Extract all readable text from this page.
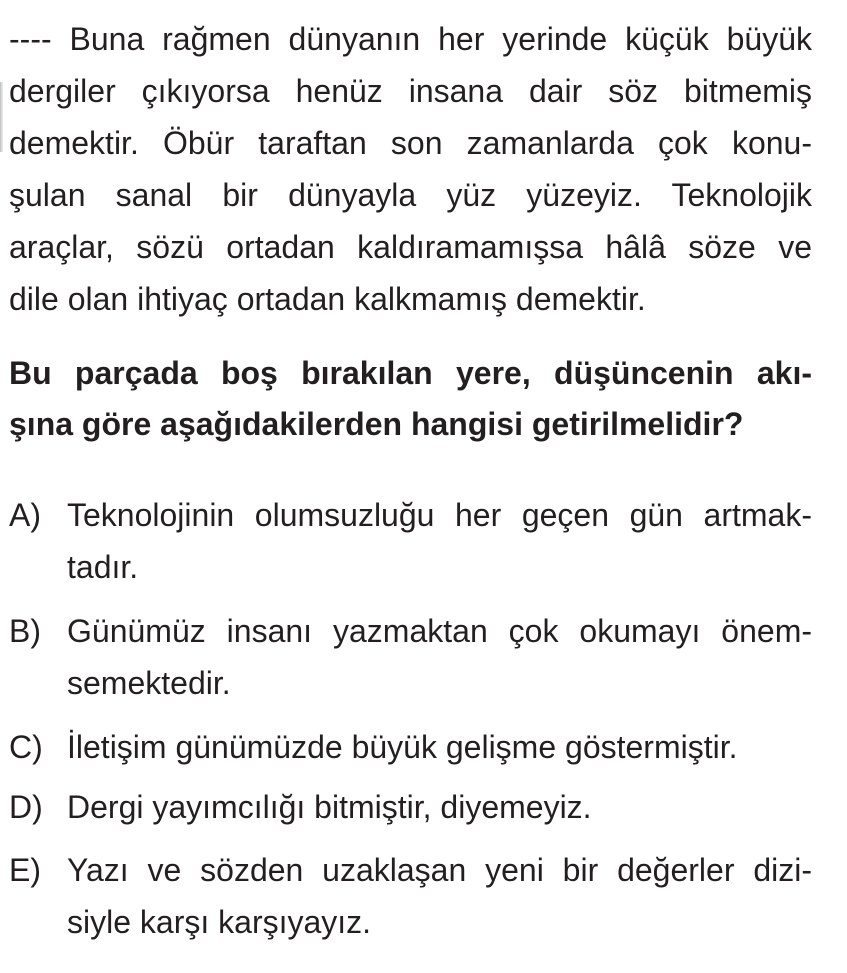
---- Buna rağmen dünyanın her yerinde küçük büyük
dergiler çıkıyorsa henüz insana dair söz bitmemiş
demektir. Öbür taraftan son zamanlarda çok konu-
şulan sanal bir dünyayla yüz yüzeyiz. Teknolojik
araçlar, sözü ortadan kaldıramamışsa hâlâ söze ve
dile olan ihtiyaç ortadan kalkmamış demektir.
Bu parçada boş bırakılan yere, düşüncenin akı-
şına göre aşağıdakilerden hangisi getirilmelidir?
A) Teknolojinin olumsuzluğu her geçen gün artmak-
tadır.
B) Günümüz insanı yazmaktan çok okumayı önem-
semektedir.
C) İletişim günümüzde büyük gelişme göstermiştir.
D) Dergi yayımcılığı bitmiştir, diyemeyiz.
E) Yazı ve sözden uzaklaşan yeni bir değerler dizi-
siyle karşı karşıyayız.
